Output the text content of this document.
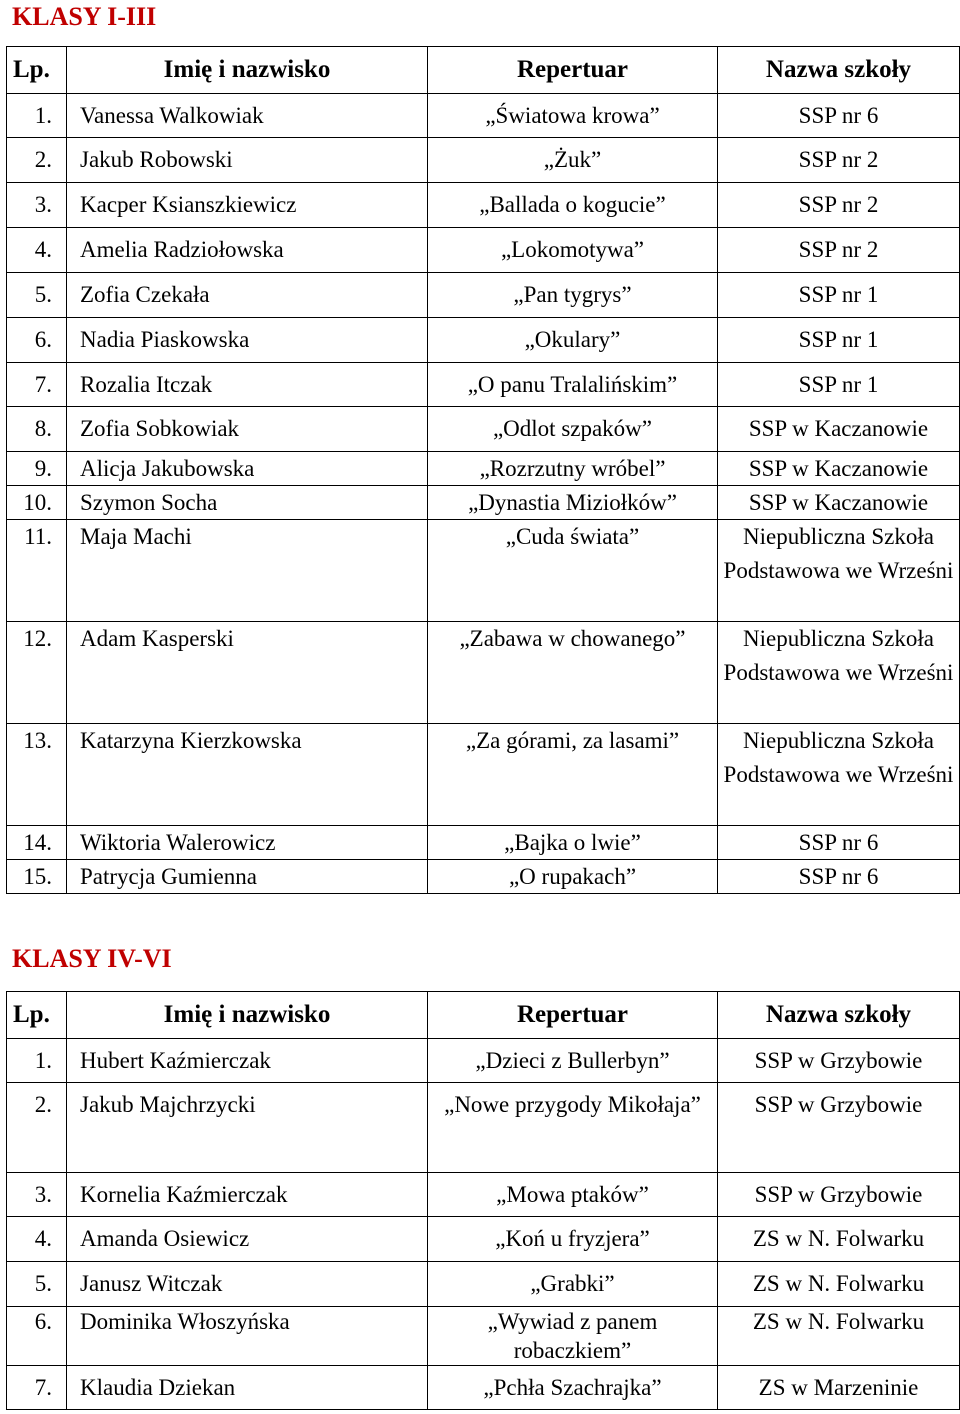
KLASY I-III
Lp.	Imię i nazwisko	Repertuar	Nazwa szkoły
1.	Vanessa Walkowiak	„Światowa krowa”	SSP nr 6
2.	Jakub Robowski	„Żuk”	SSP nr 2
3.	Kacper Ksianszkiewicz	„Ballada o kogucie”	SSP nr 2
4.	Amelia Radziołowska	„Lokomotywa”	SSP nr 2
5.	Zofia Czekała	„Pan tygrys”	SSP nr 1
6.	Nadia Piaskowska	„Okulary”	SSP nr 1
7.	Rozalia Itczak	„O panu Tralalińskim”	SSP nr 1
8.	Zofia Sobkowiak	„Odlot szpaków”	SSP w Kaczanowie
9.	Alicja Jakubowska	„Rozrzutny wróbel”	SSP w Kaczanowie
10.	Szymon Socha	„Dynastia Miziołków”	SSP w Kaczanowie
11.	Maja Machi	„Cuda świata”	Niepubliczna Szkoła Podstawowa we Wrześni
12.	Adam Kasperski	„Zabawa w chowanego”	Niepubliczna Szkoła Podstawowa we Wrześni
13.	Katarzyna Kierzkowska	„Za górami, za lasami”	Niepubliczna Szkoła Podstawowa we Wrześni
14.	Wiktoria Walerowicz	„Bajka o lwie”	SSP nr 6
15.	Patrycja Gumienna	„O rupakach”	SSP nr 6
KLASY IV-VI
Lp.	Imię i nazwisko	Repertuar	Nazwa szkoły
1.	Hubert Kaźmierczak	„Dzieci z Bullerbyn”	SSP w Grzybowie
2.	Jakub Majchrzycki	„Nowe przygody Mikołaja”	SSP w Grzybowie
3.	Kornelia Kaźmierczak	„Mowa ptaków”	SSP w Grzybowie
4.	Amanda Osiewicz	„Koń u fryzjera”	ZS w N. Folwarku
5.	Janusz Witczak	„Grabki”	ZS w N. Folwarku
6.	Dominika Włoszyńska	„Wywiad z panem robaczkiem”	ZS w N. Folwarku
7.	Klaudia Dziekan	„Pchła Szachrajka”	ZS w Marzeninie
